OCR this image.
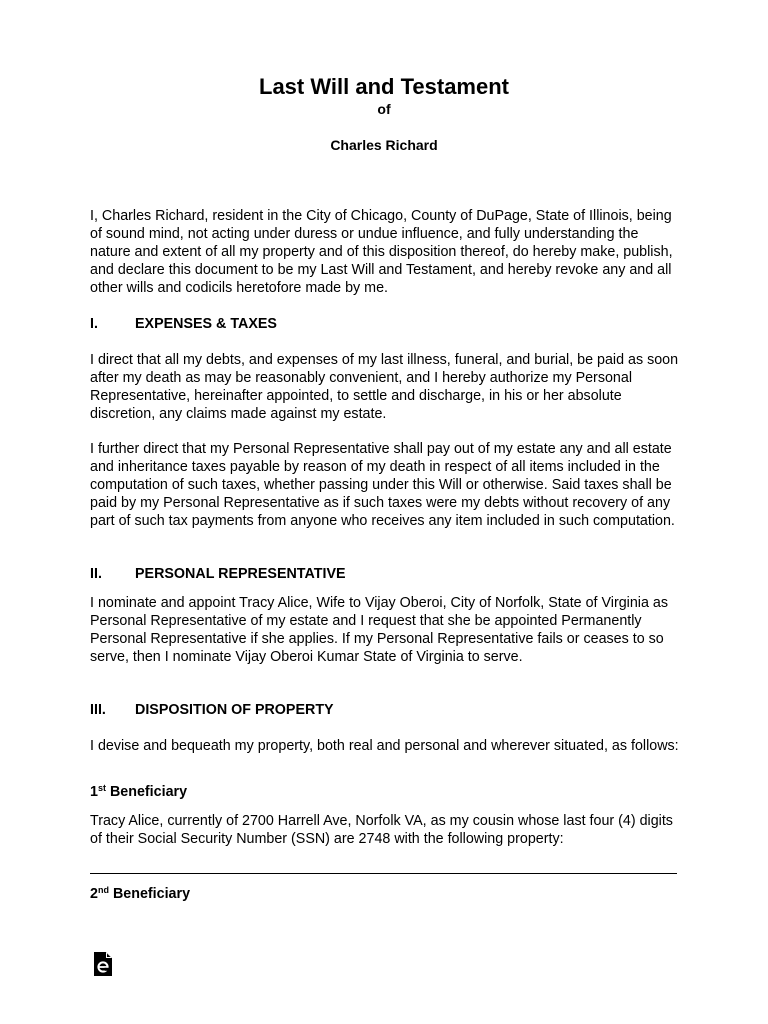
Last Will and Testament
of
Charles Richard

I, Charles Richard, resident in the City of Chicago, County of DuPage, State of Illinois, being of sound mind, not acting under duress or undue influence, and fully understanding the nature and extent of all my property and of this disposition thereof, do hereby make, publish, and declare this document to be my Last Will and Testament, and hereby revoke any and all other wills and codicils heretofore made by me.

I.	EXPENSES & TAXES

I direct that all my debts, and expenses of my last illness, funeral, and burial, be paid as soon after my death as may be reasonably convenient, and I hereby authorize my Personal Representative, hereinafter appointed, to settle and discharge, in his or her absolute discretion, any claims made against my estate.

I further direct that my Personal Representative shall pay out of my estate any and all estate and inheritance taxes payable by reason of my death in respect of all items included in the computation of such taxes, whether passing under this Will or otherwise. Said taxes shall be paid by my Personal Representative as if such taxes were my debts without recovery of any part of such tax payments from anyone who receives any item included in such computation.

II. PERSONAL REPRESENTATIVE

I nominate and appoint Tracy Alice, Wife to Vijay Oberoi, City of Norfolk, State of Virginia as Personal Representative of my estate and I request that she be appointed Permanently Personal Representative if she applies. If my Personal Representative fails or ceases to so serve, then I nominate Vijay Oberoi Kumar State of Virginia to serve.

III. DISPOSITION OF PROPERTY

I devise and bequeath my property, both real and personal and wherever situated, as follows:

1st Beneficiary

Tracy Alice, currently of 2700 Harrell Ave, Norfolk VA, as my cousin whose last four (4) digits of their Social Security Number (SSN) are 2748 with the following property:

2nd Beneficiary
